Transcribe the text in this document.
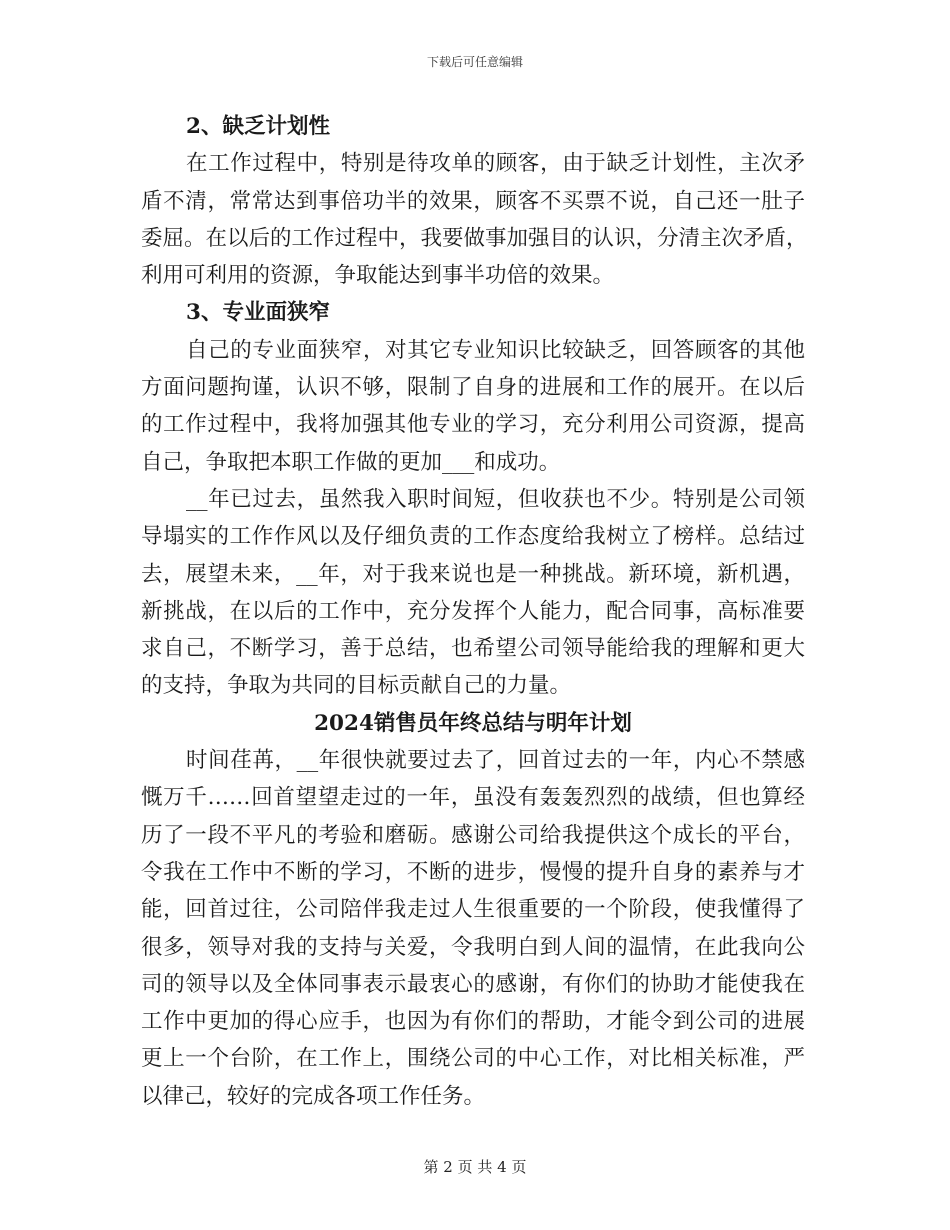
下载后可任意编辑
2、缺乏计划性
在工作过程中，特别是待攻单的顾客，由于缺乏计划性，主次矛
盾不清，常常达到事倍功半的效果，顾客不买票不说，自己还一肚子
委屈。在以后的工作过程中，我要做事加强目的认识，分清主次矛盾，
利用可利用的资源，争取能达到事半功倍的效果。
3、专业面狭窄
自己的专业面狭窄，对其它专业知识比较缺乏，回答顾客的其他
方面问题拘谨，认识不够，限制了自身的进展和工作的展开。在以后
的工作过程中，我将加强其他专业的学习，充分利用公司资源，提高
自己，争取把本职工作做的更加___和成功。
__年已过去，虽然我入职时间短，但收获也不少。特别是公司领
导塌实的工作作风以及仔细负责的工作态度给我树立了榜样。总结过
去，展望未来，__年，对于我来说也是一种挑战。新环境，新机遇，
新挑战，在以后的工作中，充分发挥个人能力，配合同事，高标准要
求自己，不断学习，善于总结，也希望公司领导能给我的理解和更大
的支持，争取为共同的目标贡献自己的力量。
2024销售员年终总结与明年计划
时间荏苒，__年很快就要过去了，回首过去的一年，内心不禁感
慨万千……回首望望走过的一年，虽没有轰轰烈烈的战绩，但也算经
历了一段不平凡的考验和磨砺。感谢公司给我提供这个成长的平台，
令我在工作中不断的学习，不断的进步，慢慢的提升自身的素养与才
能，回首过往，公司陪伴我走过人生很重要的一个阶段，使我懂得了
很多，领导对我的支持与关爱，令我明白到人间的温情，在此我向公
司的领导以及全体同事表示最衷心的感谢，有你们的协助才能使我在
工作中更加的得心应手，也因为有你们的帮助，才能令到公司的进展
更上一个台阶，在工作上，围绕公司的中心工作，对比相关标准，严
以律己，较好的完成各项工作任务。
第 2 页 共 4 页
